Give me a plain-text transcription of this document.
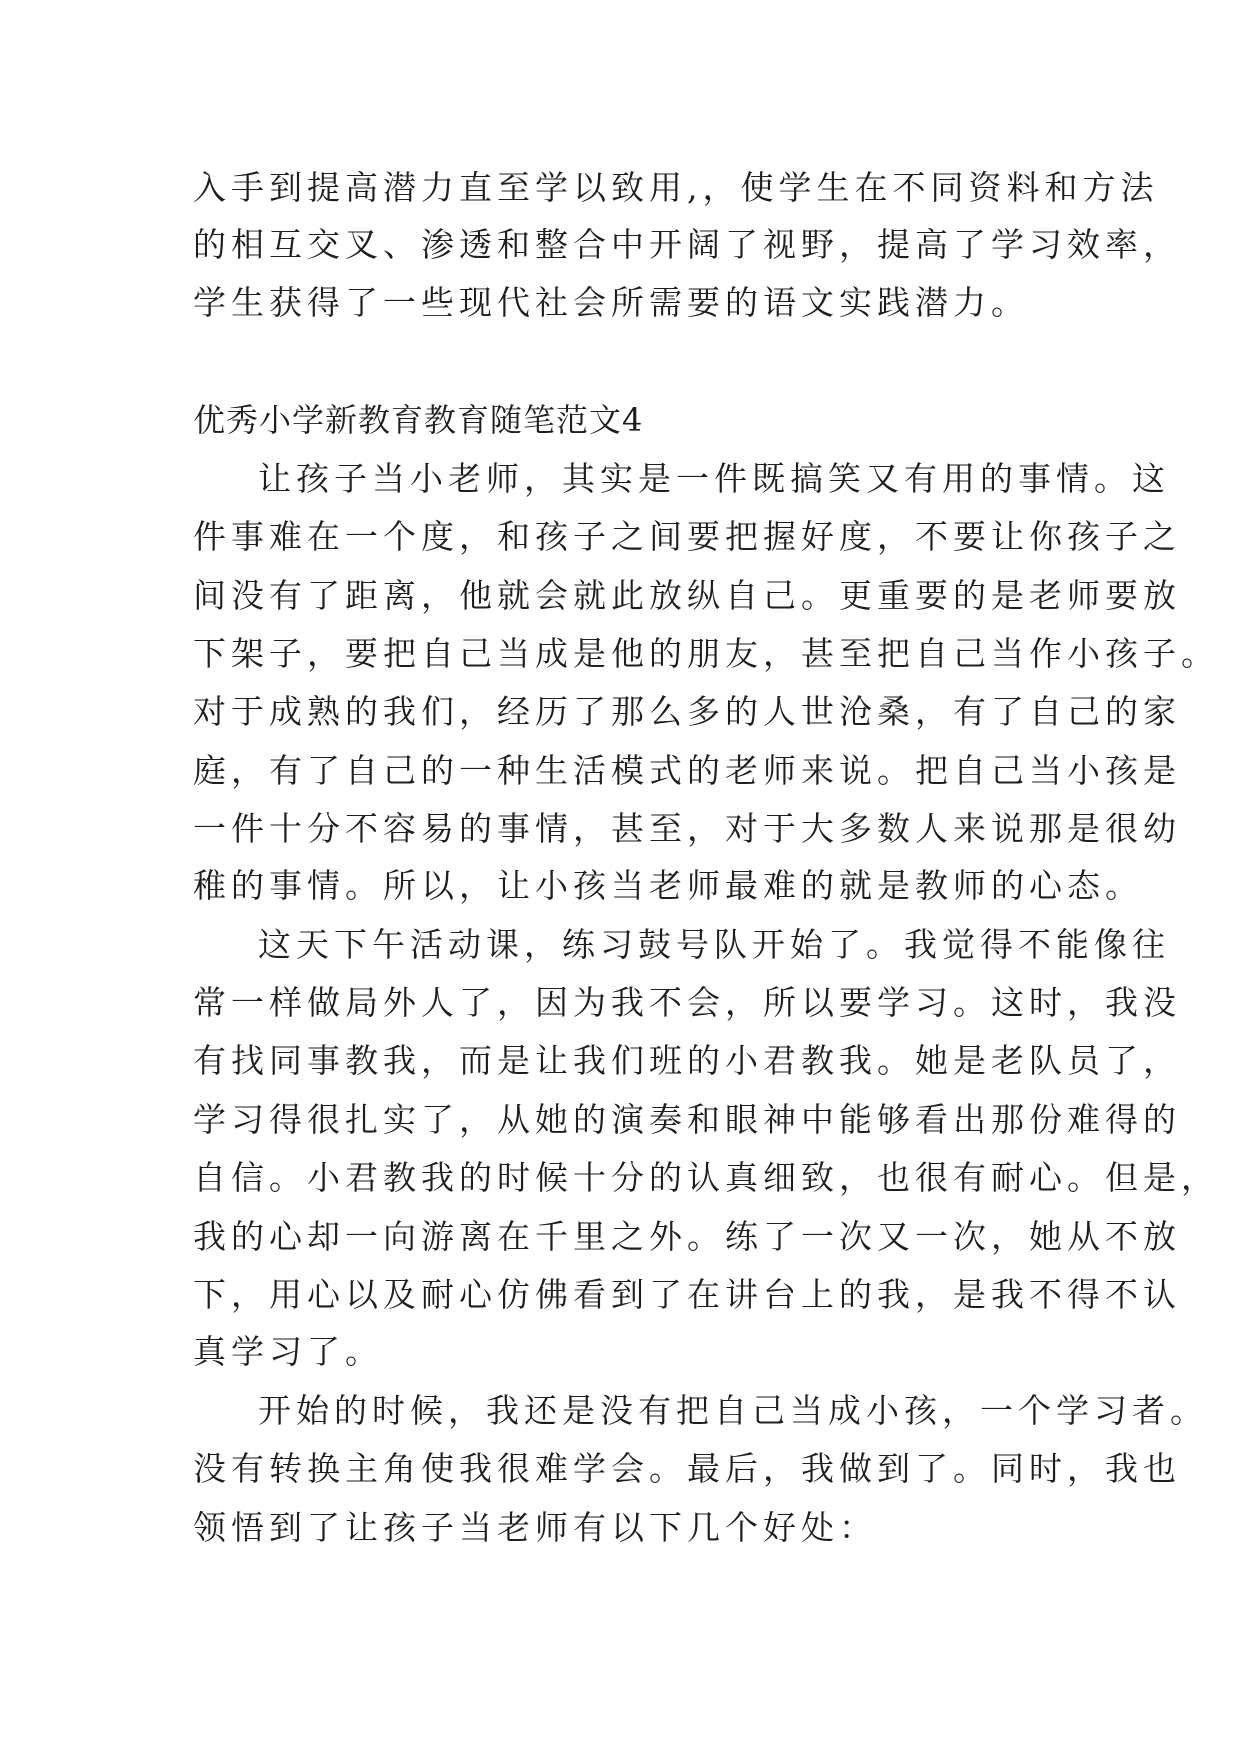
入手到提高潜力直至学以致用,，使学生在不同资料和方法
的相互交叉、渗透和整合中开阔了视野，提高了学习效率，
学生获得了一些现代社会所需要的语文实践潜力。
优秀小学新教育教育随笔范文4
让孩子当小老师，其实是一件既搞笑又有用的事情。这
件事难在一个度，和孩子之间要把握好度，不要让你孩子之
间没有了距离，他就会就此放纵自己。更重要的是老师要放
下架子，要把自己当成是他的朋友，甚至把自己当作小孩子。
对于成熟的我们，经历了那么多的人世沧桑，有了自己的家
庭，有了自己的一种生活模式的老师来说。把自己当小孩是
一件十分不容易的事情，甚至，对于大多数人来说那是很幼
稚的事情。所以，让小孩当老师最难的就是教师的心态。
这天下午活动课，练习鼓号队开始了。我觉得不能像往
常一样做局外人了，因为我不会，所以要学习。这时，我没
有找同事教我，而是让我们班的小君教我。她是老队员了，
学习得很扎实了，从她的演奏和眼神中能够看出那份难得的
自信。小君教我的时候十分的认真细致，也很有耐心。但是，
我的心却一向游离在千里之外。练了一次又一次，她从不放
下，用心以及耐心仿佛看到了在讲台上的我，是我不得不认
真学习了。
开始的时候，我还是没有把自己当成小孩，一个学习者。
没有转换主角使我很难学会。最后，我做到了。同时，我也
领悟到了让孩子当老师有以下几个好处：
